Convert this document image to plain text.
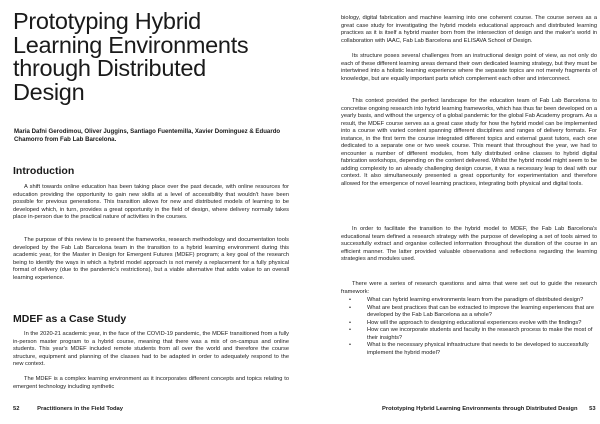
Prototyping Hybrid
Learning Environments
through Distributed
Design

Maria Dafni Gerodimou, Oliver Juggins, Santiago Fuentemilla, Xavier Dominguez & Eduardo Chamorro from Fab Lab Barcelona.

Introduction

A shift towards online education has been taking place over the past decade, with online resources for education providing the opportunity to gain new skills at a level of accessibility that wouldn't have been possible for previous generations. This transition allows for new and distributed models of learning to be developed which, in turn, provides a great opportunity in the field of design, where delivery normally takes place in-person due to the practical nature of activities in the courses.

The purpose of this review is to present the frameworks, research methodology and documentation tools developed by the Fab Lab Barcelona team in the transition to a hybrid learning environment during this academic year, for the Master in Design for Emergent Futures (MDEF) program; a key goal of the research being to identify the ways in which a hybrid model approach is not merely a replacement for a fully physical format of delivery (due to the pandemic's restrictions), but a viable alternative that adds value to an overall learning experience.

MDEF as a Case Study

In the 2020-21 academic year, in the face of the COVID-19 pandemic, the MDEF transitioned from a fully in-person master program to a hybrid course, meaning that there was a mix of on-campus and online students. This year's MDEF included remote students from all over the world and therefore the course structure, equipment and planning of the classes had to be adapted in order to adequately respond to the new context.

The MDEF is a complex learning environment as it incorporates different concepts and topics relating to emergent technology including synthetic

52	Practitioners in the Field Today

biology, digital fabrication and machine learning into one coherent course. The course serves as a great case study for investigating the hybrid models educational approach and distributed learning practices as it is itself a hybrid master born from the intersection of design and the maker's world in collaboration with IAAC, Fab Lab Barcelona and ELISAVA School of Design.

Its structure poses several challenges from an instructional design point of view, as not only do each of these different learning areas demand their own dedicated learning strategy, but they must be intertwined into a holistic learning experience where the separate topics are not merely fragments of knowledge, but are equally important parts which complement each other and interconnect.

This context provided the perfect landscape for the education team of Fab Lab Barcelona to concretise ongoing research into hybrid learning frameworks, which has thus far been developed on a yearly basis, and without the urgency of a global pandemic for the global Fab Academy program. As a result, the MDEF course serves as a great case study for how the hybrid model can be implemented into a course with varied content spanning different disciplines and ranges of delivery formats. For instance, in the first term the course integrated different topics and external guest tutors, each one dedicated to a separate one or two week course. This meant that throughout the year, we had to encounter a number of different modules, from fully distributed online classes to hybrid digital fabrication workshops, depending on the content delivered. Whilst the hybrid model might seem to be adding complexity to an already challenging design course, it was a necessary leap to deal with our context. It also simultaneously presented a great opportunity for experimentation and therefore allowed for the emergence of novel learning practices, integrating both physical and digital tools.

In order to facilitate the transition to the hybrid model to MDEF, the Fab Lab Barcelona's educational team defined a research strategy with the purpose of developing a set of tools aimed to successfully extract and organise collected information throughout the duration of the course in an efficient manner. The latter provided valuable observations and reflections regarding the learning strategies and modules used.

There were a series of research questions and aims that were set out to guide the research framework:

•	What can hybrid learning environments learn from the paradigm of distributed design?
•	What are best practices that can be extracted to improve the learning experiences that are developed by the Fab Lab Barcelona as a whole?
•	How will the approach to designing educational experiences evolve with the findings?
•	How can we incorporate students and faculty in the research process to make the most of their insights?
•	What is the necessary physical infrastructure that needs to be developed to successfully implement the hybrid model?
Prototyping Hybrid Learning Environments through Distributed Design 53
